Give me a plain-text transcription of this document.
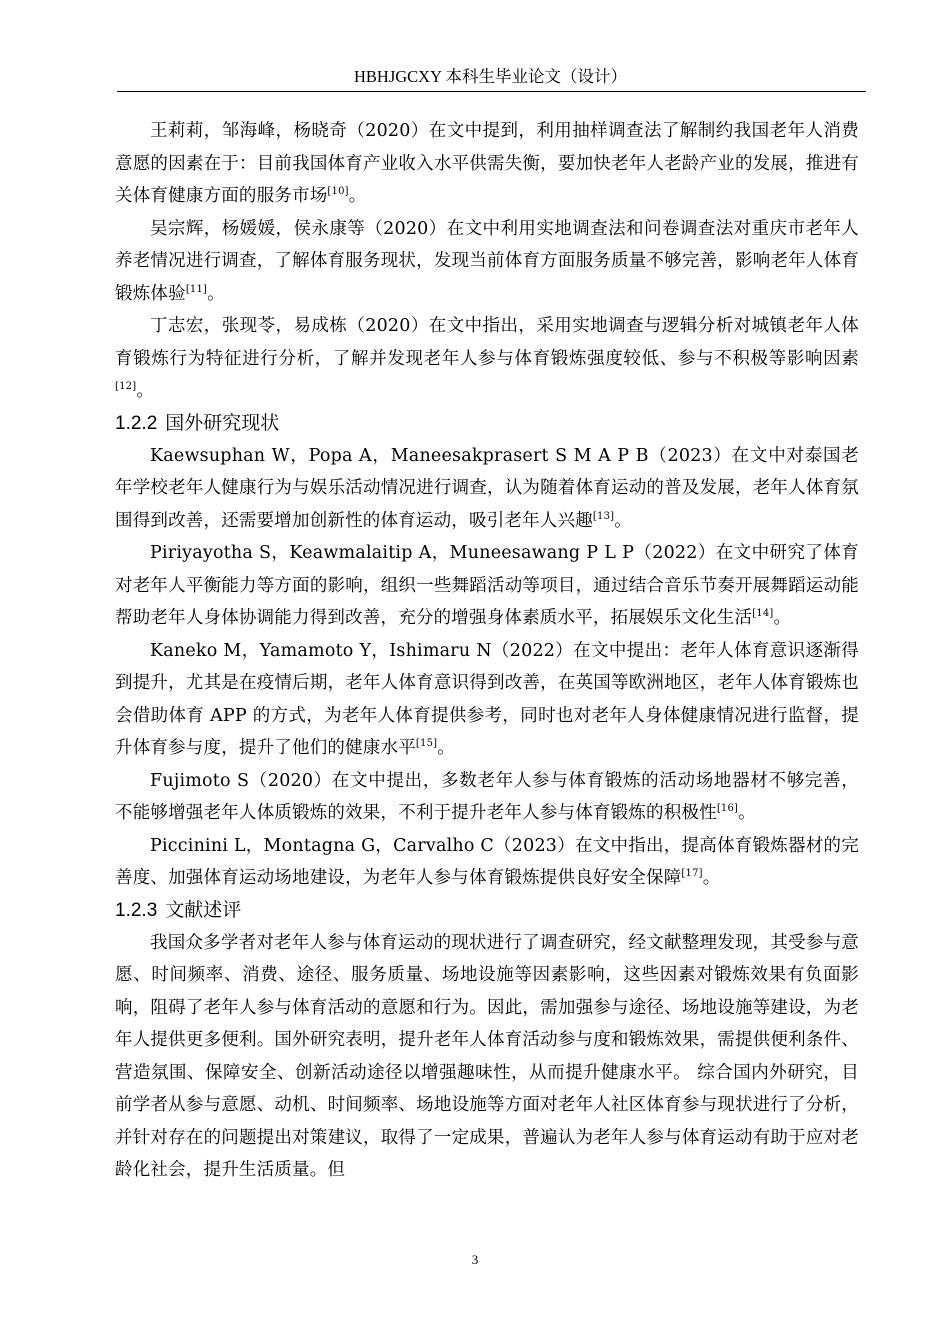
HBHJGCXY 本科生毕业论文（设计）

王莉莉，邹海峰，杨晓奇（2020）在文中提到，利用抽样调查法了解制约我国老年人消费意愿的因素在于：目前我国体育产业收入水平供需失衡，要加快老年人老龄产业的发展，推进有关体育健康方面的服务市场[10]。

吴宗辉，杨媛媛，侯永康等（2020）在文中利用实地调查法和问卷调查法对重庆市老年人养老情况进行调查，了解体育服务现状，发现当前体育方面服务质量不够完善，影响老年人体育锻炼体验[11]。

丁志宏，张现苓，易成栋（2020）在文中指出，采用实地调查与逻辑分析对城镇老年人体育锻炼行为特征进行分析，了解并发现老年人参与体育锻炼强度较低、参与不积极等影响因素[12]。

1.2.2 国外研究现状

Kaewsuphan W，Popa A，Maneesakprasert S M A P B（2023）在文中对泰国老年学校老年人健康行为与娱乐活动情况进行调查，认为随着体育运动的普及发展，老年人体育氛围得到改善，还需要增加创新性的体育运动，吸引老年人兴趣[13]。

Piriyayotha S，Keawmalaitip A，Muneesawang P L P（2022）在文中研究了体育对老年人平衡能力等方面的影响，组织一些舞蹈活动等项目，通过结合音乐节奏开展舞蹈运动能帮助老年人身体协调能力得到改善，充分的增强身体素质水平，拓展娱乐文化生活[14]。

Kaneko M，Yamamoto Y，Ishimaru N（2022）在文中提出：老年人体育意识逐渐得到提升，尤其是在疫情后期，老年人体育意识得到改善，在英国等欧洲地区，老年人体育锻炼也会借助体育 APP 的方式，为老年人体育提供参考，同时也对老年人身体健康情况进行监督，提升体育参与度，提升了他们的健康水平[15]。

Fujimoto S（2020）在文中提出，多数老年人参与体育锻炼的活动场地器材不够完善，不能够增强老年人体质锻炼的效果，不利于提升老年人参与体育锻炼的积极性[16]。

Piccinini L，Montagna G，Carvalho C（2023）在文中指出，提高体育锻炼器材的完善度、加强体育运动场地建设，为老年人参与体育锻炼提供良好安全保障[17]。

1.2.3 文献述评

我国众多学者对老年人参与体育运动的现状进行了调查研究，经文献整理发现，其受参与意愿、时间频率、消费、途径、服务质量、场地设施等因素影响，这些因素对锻炼效果有负面影响，阻碍了老年人参与体育活动的意愿和行为。因此，需加强参与途径、场地设施等建设，为老年人提供更多便利。国外研究表明，提升老年人体育活动参与度和锻炼效果，需提供便利条件、营造氛围、保障安全、创新活动途径以增强趣味性，从而提升健康水平。 综合国内外研究，目前学者从参与意愿、动机、时间频率、场地设施等方面对老年人社区体育参与现状进行了分析，并针对存在的问题提出对策建议，取得了一定成果，普遍认为老年人参与体育运动有助于应对老龄化社会，提升生活质量。但

3
